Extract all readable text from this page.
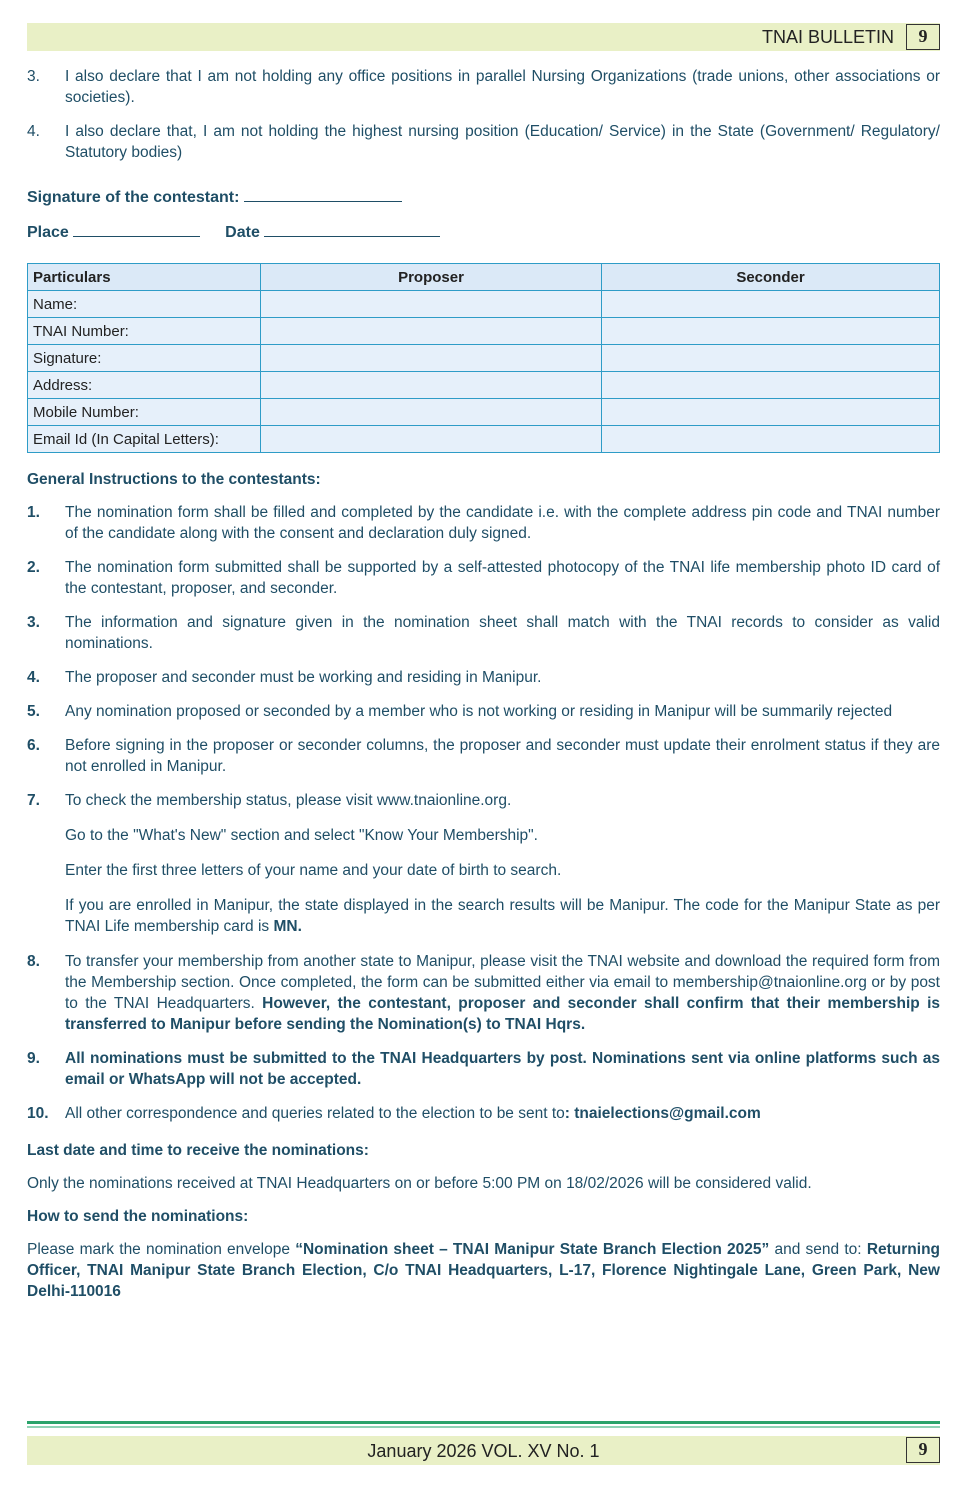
TNAI BULLETIN	9
3.	I also declare that I am not holding any office positions in parallel Nursing Organizations (trade unions, other associations or societies).
4.	I also declare that, I am not holding the highest nursing position (Education/ Service) in the State (Government/ Regulatory/ Statutory bodies)
Signature of the contestant:
Place	Date
Particulars	Proposer	Seconder
Name:		
TNAI Number:		
Signature:		
Address:		
Mobile Number:		
Email Id (In Capital Letters):		
General Instructions to the contestants:
1.	The nomination form shall be filled and completed by the candidate i.e. with the complete address pin code and TNAI number of the candidate along with the consent and declaration duly signed.
2.	The nomination form submitted shall be supported by a self-attested photocopy of the TNAI life membership photo ID card of the contestant, proposer, and seconder.
3.	The information and signature given in the nomination sheet shall match with the TNAI records to consider as valid nominations.
4.	The proposer and seconder must be working and residing in Manipur.
5.	Any nomination proposed or seconded by a member who is not working or residing in Manipur will be summarily rejected
6.	Before signing in the proposer or seconder columns, the proposer and seconder must update their enrolment status if they are not enrolled in Manipur.
7.	To check the membership status, please visit www.tnaionline.org.
Go to the "What's New" section and select "Know Your Membership".
Enter the first three letters of your name and your date of birth to search.
If you are enrolled in Manipur, the state displayed in the search results will be Manipur. The code for the Manipur State as per TNAI Life membership card is MN.
8.	To transfer your membership from another state to Manipur, please visit the TNAI website and download the required form from the Membership section. Once completed, the form can be submitted either via email to membership@tnaionline.org or by post to the TNAI Headquarters. However, the contestant, proposer and seconder shall confirm that their membership is transferred to Manipur before sending the Nomination(s) to TNAI Hqrs.
9.	All nominations must be submitted to the TNAI Headquarters by post. Nominations sent via online platforms such as email or WhatsApp will not be accepted.
10.	All other correspondence and queries related to the election to be sent to: tnaielections@gmail.com
Last date and time to receive the nominations:
Only the nominations received at TNAI Headquarters on or before 5:00 PM on 18/02/2026 will be considered valid.
How to send the nominations:
Please mark the nomination envelope “Nomination sheet – TNAI Manipur State Branch Election 2025” and send to: Returning Officer, TNAI Manipur State Branch Election, C/o TNAI Headquarters, L-17, Florence Nightingale Lane, Green Park, New Delhi-110016
January 2026 VOL. XV No. 1	9
